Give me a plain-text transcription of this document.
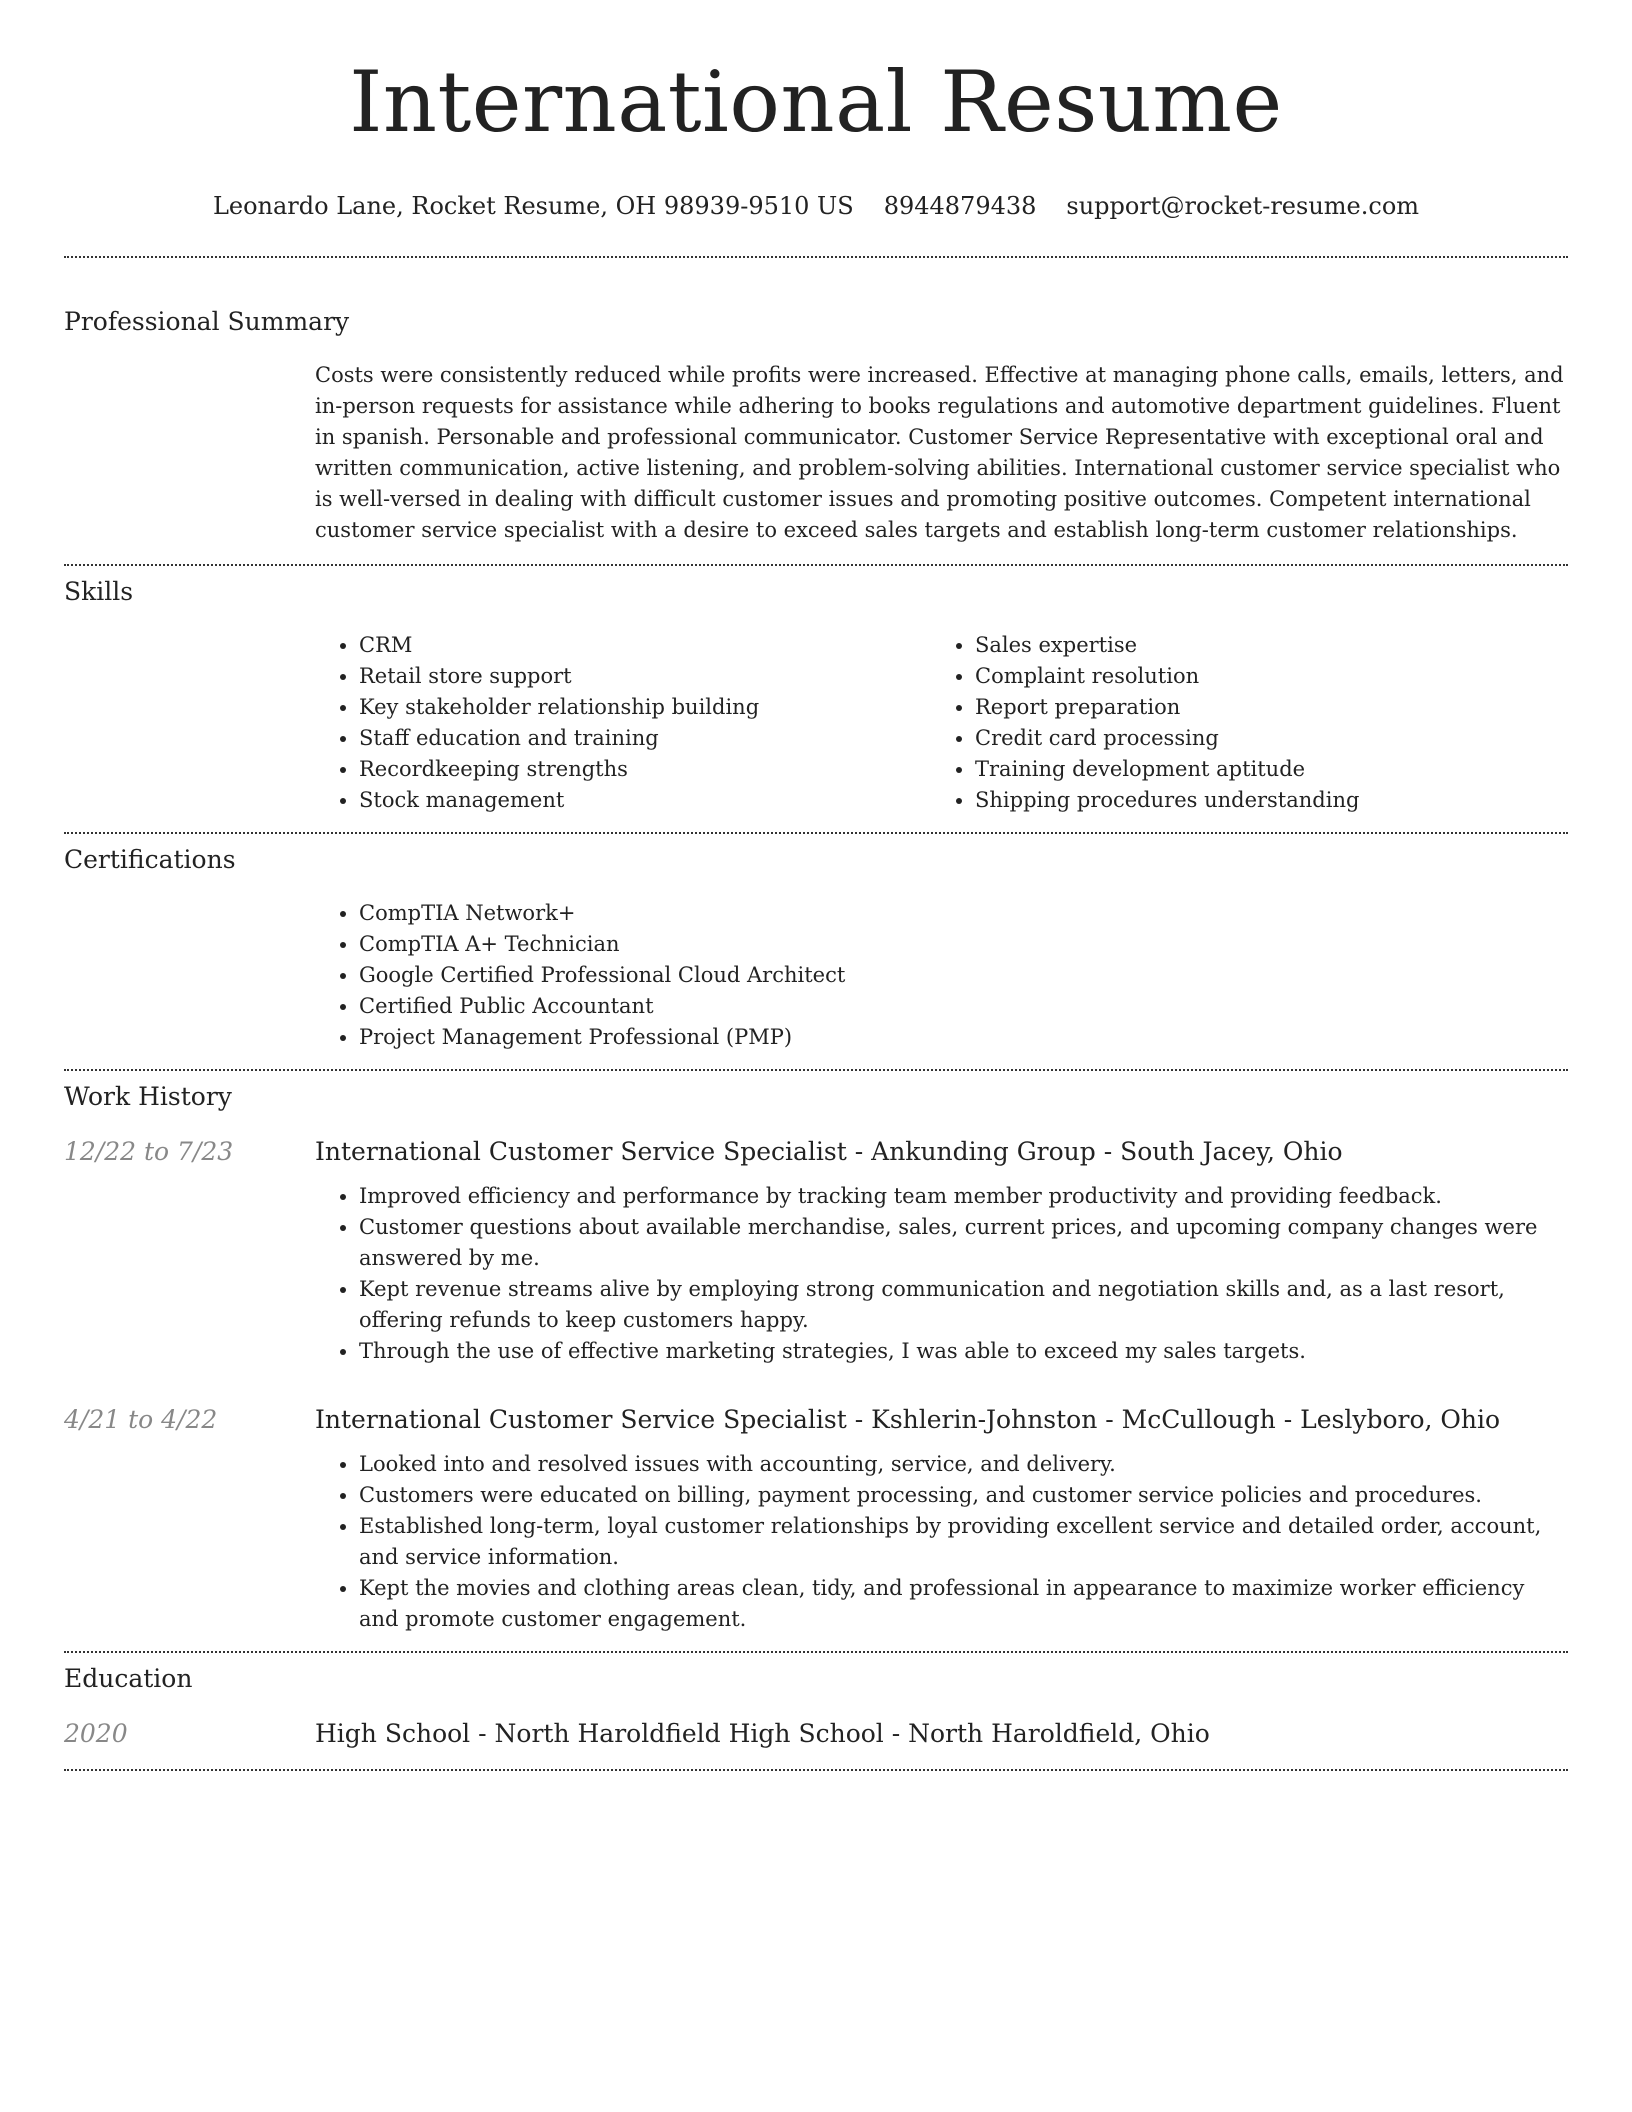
International Resume
Leonardo Lane, Rocket Resume, OH 98939-9510 US 8944879438 support@rocket-resume.com
Professional Summary

Costs were consistently reduced while profits were increased. Effective at managing phone calls, emails, letters, and in-person requests for assistance while adhering to books regulations and automotive department guidelines. Fluent in spanish. Personable and professional communicator. Customer Service Representative with exceptional oral and written communication, active listening, and problem-solving abilities. International customer service specialist who is well-versed in dealing with difficult customer issues and promoting positive outcomes. Competent international customer service specialist with a desire to exceed sales targets and establish long-term customer relationships.

Skills
• CRM
• Retail store support
• Key stakeholder relationship building
• Staff education and training
• Recordkeeping strengths
• Stock management
• Sales expertise
• Complaint resolution
• Report preparation
• Credit card processing
• Training development aptitude
• Shipping procedures understanding
Certifications
• CompTIA Network+
• CompTIA A+ Technician
• Google Certified Professional Cloud Architect
• Certified Public Accountant
• Project Management Professional (PMP)
Work History
12/22 to 7/23	International Customer Service Specialist - Ankunding Group - South Jacey, Ohio
• Improved efficiency and performance by tracking team member productivity and providing feedback.
• Customer questions about available merchandise, sales, current prices, and upcoming company changes were answered by me.
• Kept revenue streams alive by employing strong communication and negotiation skills and, as a last resort, offering refunds to keep customers happy.
• Through the use of effective marketing strategies, I was able to exceed my sales targets.
4/21 to 4/22	International Customer Service Specialist - Kshlerin-Johnston - McCullough - Leslyboro, Ohio
• Looked into and resolved issues with accounting, service, and delivery.
• Customers were educated on billing, payment processing, and customer service policies and procedures.
• Established long-term, loyal customer relationships by providing excellent service and detailed order, account, and service information.
• Kept the movies and clothing areas clean, tidy, and professional in appearance to maximize worker efficiency and promote customer engagement.
Education
2020	High School - North Haroldfield High School - North Haroldfield, Ohio
